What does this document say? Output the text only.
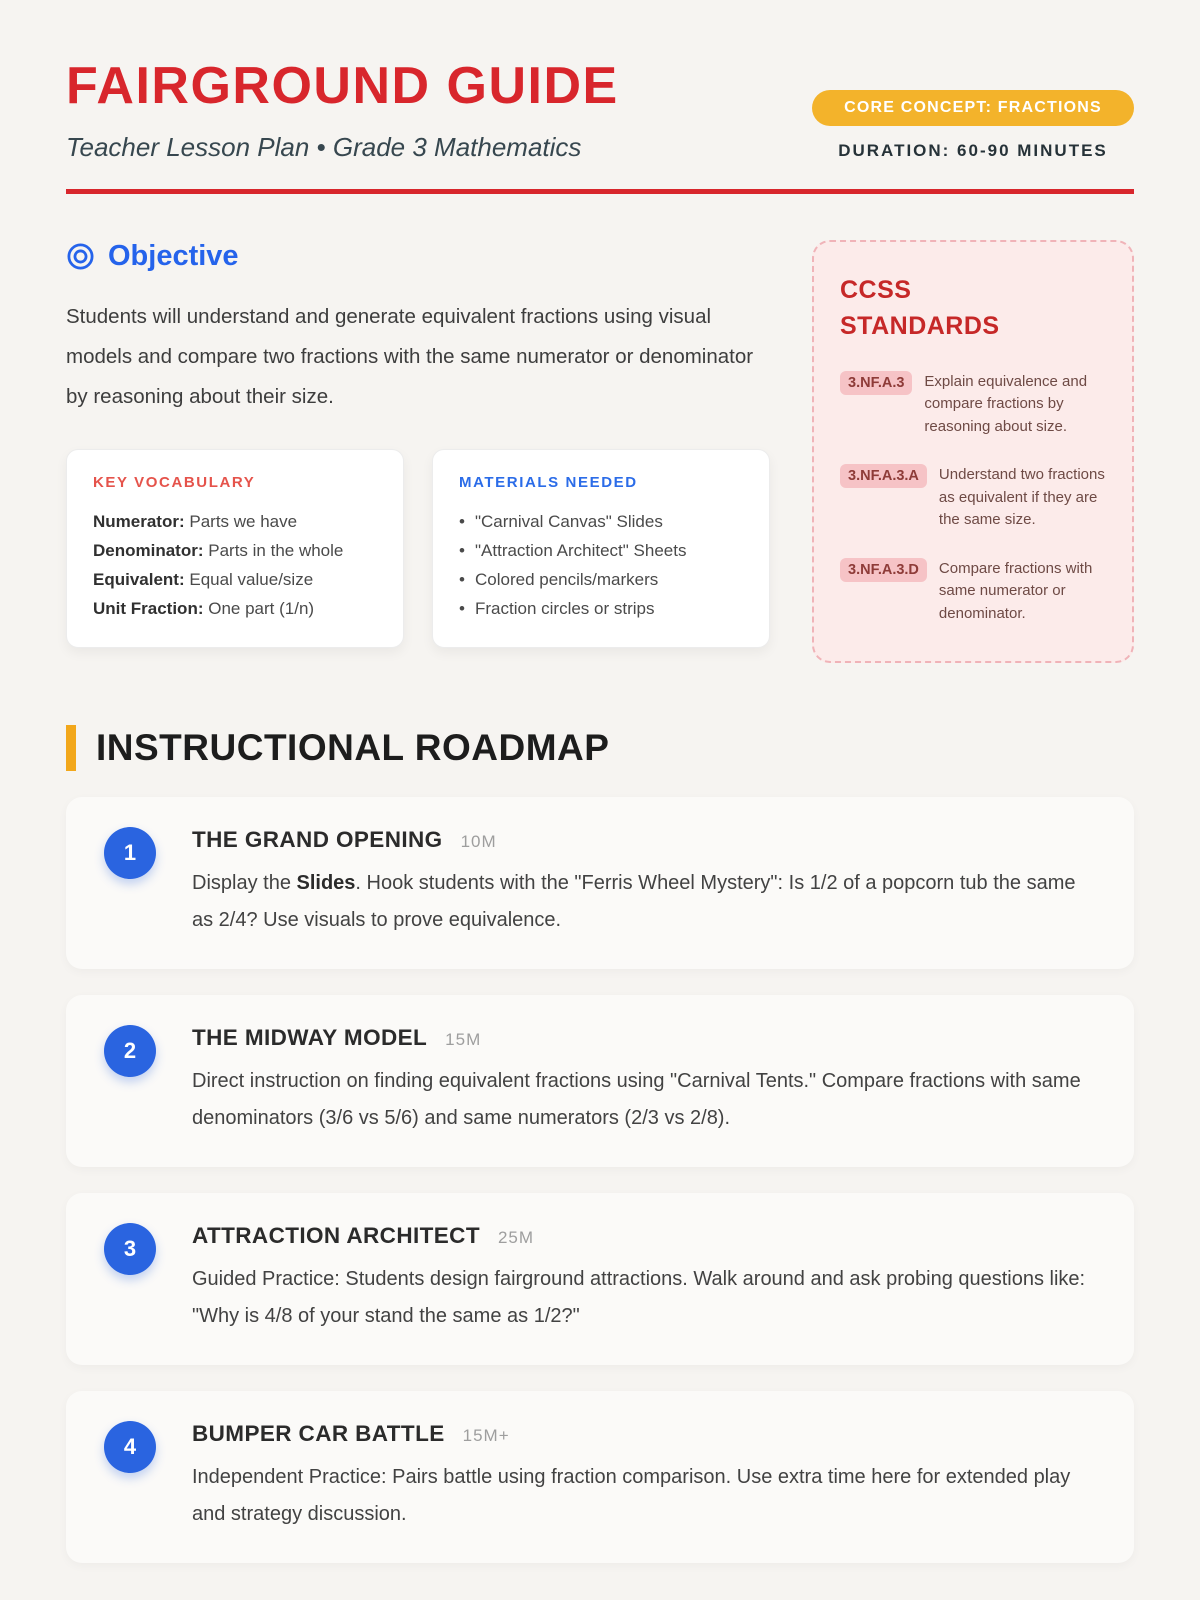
FAIRGROUND GUIDE

Teacher Lesson Plan • Grade 3 Mathematics

CORE CONCEPT: FRACTIONS
DURATION: 60-90 MINUTES
Objective

Students will understand and generate equivalent fractions using visual models and compare two fractions with the same numerator or denominator by reasoning about their size.

KEY VOCABULARY
Numerator: Parts we have
Denominator: Parts in the whole
Equivalent: Equal value/size
Unit Fraction: One part (1/n)
MATERIALS NEEDED
• "Carnival Canvas" Slides
• "Attraction Architect" Sheets
• Colored pencils/markers
• Fraction circles or strips
CCSS STANDARDS
3.NF.A.3	Explain equivalence and compare fractions by reasoning about size.
3.NF.A.3.A	Understand two fractions as equivalent if they are the same size.
3.NF.A.3.D	Compare fractions with same numerator or denominator.
INSTRUCTIONAL ROADMAP
1
THE GRAND OPENING 10M

Display the Slides. Hook students with the "Ferris Wheel Mystery": Is 1/2 of a popcorn tub the same as 2/4? Use visuals to prove equivalence.

2
THE MIDWAY MODEL 15M

Direct instruction on finding equivalent fractions using "Carnival Tents." Compare fractions with same denominators (3/6 vs 5/6) and same numerators (2/3 vs 2/8).

3
ATTRACTION ARCHITECT 25M

Guided Practice: Students design fairground attractions. Walk around and ask probing questions like: "Why is 4/8 of your stand the same as 1/2?"

4
BUMPER CAR BATTLE 15M+

Independent Practice: Pairs battle using fraction comparison. Use extra time here for extended play and strategy discussion.
